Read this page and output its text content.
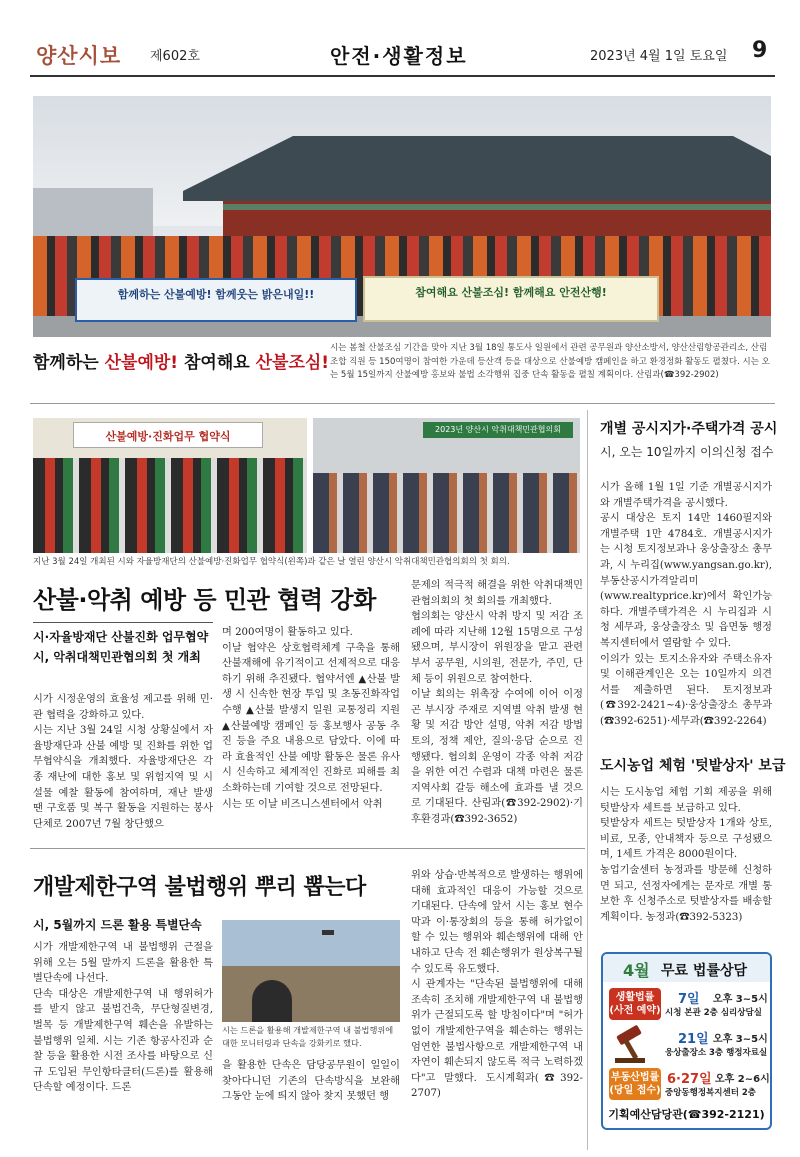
양산시보 제602호	안전·생활정보	2023년 4월 1일 토요일 9
함께하는 산불예방! 함께웃는 밝은내일!!	참여해요 산불조심! 함께해요 안전산행!
함께하는 산불예방! 참여해요 산불조심!
시는 봄철 산불조심 기간을 맞아 지난 3월 18일 통도사 일원에서 관련 공무원과 양산소방서, 양산산림항공관리소, 산림조합 직원 등 150여명이 참여한 가운데 등산객 등을 대상으로 산불예방 캠페인을 하고 환경정화 활동도 펼쳤다. 시는 오는 5월 15일까지 산불예방 홍보와 불법 소각행위 집중 단속 활동을 펼칠 계획이다. 산림과(☎392-2902)
산불예방·진화업무 협약식
2023년 양산시 악취대책민관협의회
지난 3월 24일 개최된 시와 자율방재단의 산불예방·진화업무 협약식(왼쪽)과 같은 날 열린 양산시 악취대책민관협의회의 첫 회의.
산불·악취 예방 등 민관 협력 강화
시·자율방재단 산불진화 업무협약
시, 악취대책민관협의회 첫 개최
시가 시정운영의 효율성 제고를 위해 민·관 협력을 강화하고 있다.
시는 지난 3월 24일 시청 상황실에서 자율방재단과 산불 예방 및 진화를 위한 업무협약식을 개최했다. 자율방재단은 각종 재난에 대한 홍보 및 위험지역 및 시설물 예찰 활동에 참여하며, 재난 발생 땐 구호품 및 복구 활동을 지원하는 봉사단체로 2007년 7월 창단했으
며 200여명이 활동하고 있다.
이날 협약은 상호협력체계 구축을 통해 산불재해에 유기적이고 선제적으로 대응하기 위해 추진됐다. 협약서엔 ▲산불 발생 시 신속한 현장 투입 및 초동진화작업 수행 ▲산불 발생지 일원 교통정리 지원 ▲산불예방 캠페인 등 홍보행사 공동 추진 등을 주요 내용으로 담았다. 이에 따라 효율적인 산불 예방 활동은 물론 유사 시 신속하고 체계적인 진화로 피해를 최소화하는데 기여할 것으로 전망된다.
시는 또 이날 비즈니스센터에서 악취
문제의 적극적 해결을 위한 악취대책민관협의회의 첫 회의를 개최했다.
협의회는 양산시 악취 방지 및 저감 조례에 따라 지난해 12월 15명으로 구성됐으며, 부시장이 위원장을 맡고 관련 부서 공무원, 시의원, 전문가, 주민, 단체 등이 위원으로 참여한다.
이날 회의는 위촉장 수여에 이어 이정곤 부시장 주재로 지역별 악취 발생 현황 및 저감 방안 설명, 악취 저감 방법 토의, 정책 제안, 질의·응답 순으로 진행됐다. 협의회 운영이 각종 악취 저감을 위한 여건 수렴과 대책 마련은 물론 지역사회 갈등 해소에 효과를 낼 것으로 기대된다. 산림과(☎392-2902)·기후환경과(☎392-3652)
개발제한구역 불법행위 뿌리 뽑는다
시, 5월까지 드론 활용 특별단속
시가 개발제한구역 내 불법행위 근절을 위해 오는 5월 말까지 드론을 활용한 특별단속에 나선다.
단속 대상은 개발제한구역 내 행위허가를 받지 않고 불법건축, 무단형질변경, 벌목 등 개발제한구역 훼손을 유발하는 불법행위 일체. 시는 기존 항공사진과 순찰 등을 활용한 시전 조사를 바탕으로 신규 도입된 무인항타클터(드론)를 활용해 단속할 예정이다. 드론
시는 드론을 활용해 개발제한구역 내 불법행위에 대한 모니터링과 단속을 강화키로 했다.
을 활용한 단속은 담당공무원이 일일이 찾아다니던 기존의 단속방식을 보완해 그동안 눈에 띄지 않아 찾지 못했던 행
위와 상습·반복적으로 발생하는 행위에 대해 효과적인 대응이 가능할 것으로 기대된다. 단속에 앞서 시는 홍보 현수막과 이·통장회의 등을 통해 허가없이 할 수 있는 행위와 훼손행위에 대해 안내하고 단속 전 훼손행위가 원상복구될 수 있도록 유도했다.
시 관계자는 "단속된 불법행위에 대해 조속히 조치해 개발제한구역 내 불법행위가 근절되도록 할 방침이다"며 "허가없이 개발제한구역을 훼손하는 행위는 엄연한 불법사항으로 개발제한구역 내 자연이 훼손되지 않도록 적극 노력하겠다"고 말했다. 도시계획과(☎392-2707)
개별 공시지가·주택가격 공시
시, 오는 10일까지 이의신청 접수
시가 올해 1월 1일 기준 개별공시지가와 개별주택가격을 공시했다.
공시 대상은 토지 14만 1460필지와 개별주택 1만 4784호. 개별공시지가는 시청 토지정보과나 웅상출장소 총무과, 시 누리집(www.yangsan.go.kr), 부동산공시가격알리미(www.realtyprice.kr)에서 확인가능하다. 개별주택가격은 시 누리집과 시청 세무과, 웅상출장소 및 읍면동 행정복지센터에서 열람할 수 있다.
이의가 있는 토지소유자와 주택소유자 및 이해관계인은 오는 10일까지 의견서를 제출하면 된다. 토지정보과(☎392-2421~4)·웅상출장소 총무과(☎392-6251)·세무과(☎392-2264)
도시농업 체험 '텃밭상자' 보급
시는 도시농업 체험 기회 제공을 위해 텃밭상자 세트를 보급하고 있다.
텃밭상자 세트는 텃밭상자 1개와 상토, 비료, 모종, 안내책자 등으로 구성됐으며, 1세트 가격은 8000원이다.
농업기술센터 농정과를 방문해 신청하면 되고, 선정자에게는 문자로 개별 통보한 후 신청주소로 텃밭상자를 배송할 계획이다. 농정과(☎392-5323)
4월 무료 법률상담
생활법률
(사전 예약)
7일 오후 3~5시
시청 본관 2층 심리상담실
21일 오후 3~5시
웅상출장소 3층 행정자료실
부동산법률
(당일 접수)
6·27일 오후 2~6시
중앙동행정복지센터 2층
기획예산담당관(☎392-2121)
